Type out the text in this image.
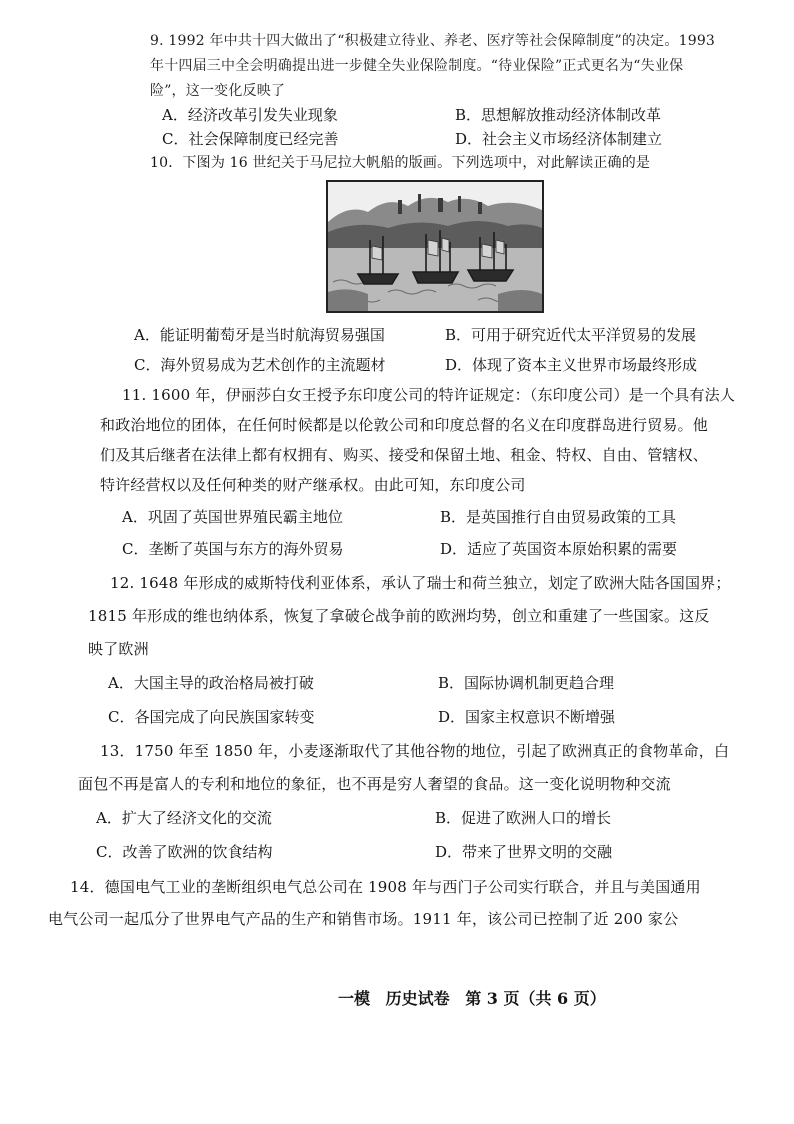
9. 1992 年中共十四大做出了“积极建立待业、养老、医疗等社会保障制度”的决定。1993
年十四届三中全会明确提出进一步健全失业保险制度。“待业保险”正式更名为“失业保
险”，这一变化反映了
A．经济改革引发失业现象	B．思想解放推动经济体制改革
C．社会保障制度已经完善	D．社会主义市场经济体制建立
10．下图为 16 世纪关于马尼拉大帆船的版画。下列选项中，对此解读正确的是
A．能证明葡萄牙是当时航海贸易强国	B．可用于研究近代太平洋贸易的发展
C．海外贸易成为艺术创作的主流题材	D．体现了资本主义世界市场最终形成
11. 1600 年，伊丽莎白女王授予东印度公司的特许证规定：（东印度公司）是一个具有法人
和政治地位的团体，在任何时候都是以伦敦公司和印度总督的名义在印度群岛进行贸易。他
们及其后继者在法律上都有权拥有、购买、接受和保留土地、租金、特权、自由、管辖权、
特许经营权以及任何种类的财产继承权。由此可知，东印度公司
A．巩固了英国世界殖民霸主地位	B．是英国推行自由贸易政策的工具
C．垄断了英国与东方的海外贸易	D．适应了英国资本原始积累的需要
12. 1648 年形成的威斯特伐利亚体系，承认了瑞士和荷兰独立，划定了欧洲大陆各国国界；
1815 年形成的维也纳体系，恢复了拿破仑战争前的欧洲均势，创立和重建了一些国家。这反
映了欧洲
A．大国主导的政治格局被打破	B．国际协调机制更趋合理
C．各国完成了向民族国家转变	D．国家主权意识不断增强
13．1750 年至 1850 年，小麦逐渐取代了其他谷物的地位，引起了欧洲真正的食物革命，白
面包不再是富人的专利和地位的象征，也不再是穷人奢望的食品。这一变化说明物种交流
A．扩大了经济文化的交流	B．促进了欧洲人口的增长
C．改善了欧洲的饮食结构	D．带来了世界文明的交融
14．德国电气工业的垄断组织电气总公司在 1908 年与西门子公司实行联合，并且与美国通用
电气公司一起瓜分了世界电气产品的生产和销售市场。1911 年，该公司已控制了近 200 家公
一模 历史试卷 第 3 页（共 6 页）
